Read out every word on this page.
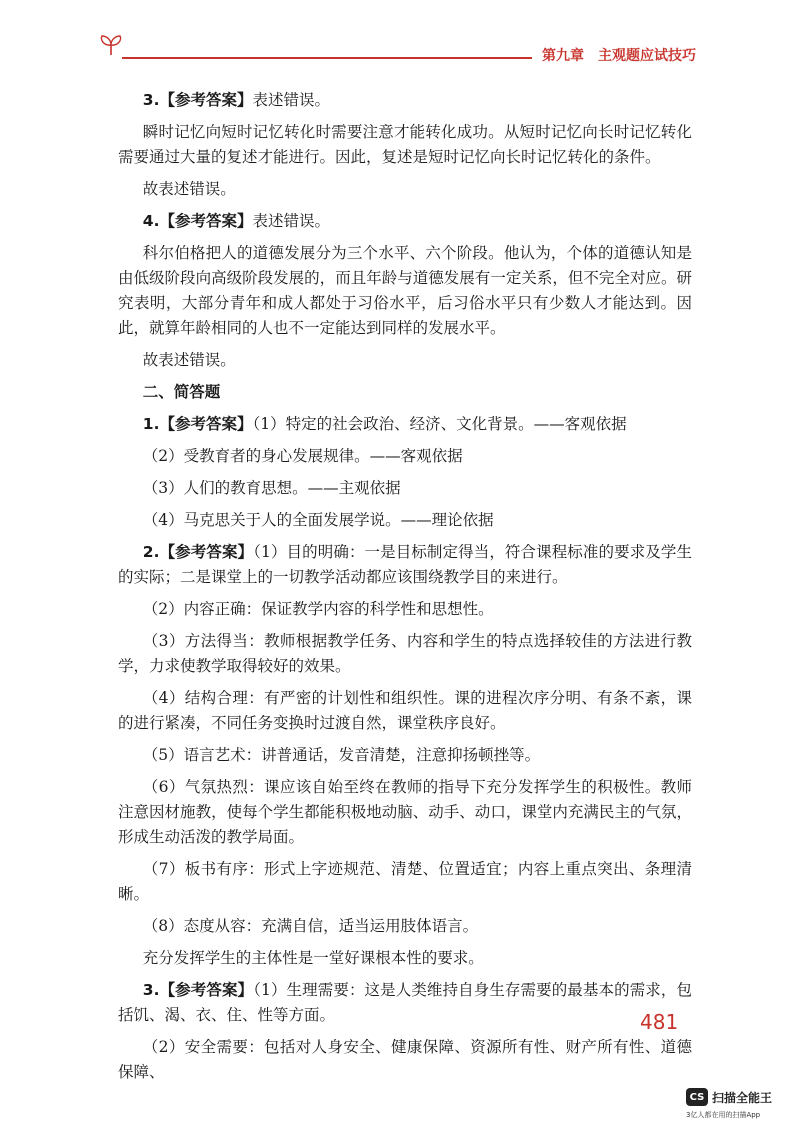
第九章　主观题应试技巧
3.【参考答案】表述错误。
瞬时记忆向短时记忆转化时需要注意才能转化成功。从短时记忆向长时记忆转化需要通过大量的复述才能进行。因此，复述是短时记忆向长时记忆转化的条件。
故表述错误。
4.【参考答案】表述错误。
科尔伯格把人的道德发展分为三个水平、六个阶段。他认为，个体的道德认知是由低级阶段向高级阶段发展的，而且年龄与道德发展有一定关系，但不完全对应。研究表明，大部分青年和成人都处于习俗水平，后习俗水平只有少数人才能达到。因此，就算年龄相同的人也不一定能达到同样的发展水平。
故表述错误。
二、简答题
1.【参考答案】（1）特定的社会政治、经济、文化背景。——客观依据
（2）受教育者的身心发展规律。——客观依据
（3）人们的教育思想。——主观依据
（4）马克思关于人的全面发展学说。——理论依据
2.【参考答案】（1）目的明确：一是目标制定得当，符合课程标准的要求及学生的实际；二是课堂上的一切教学活动都应该围绕教学目的来进行。
（2）内容正确：保证教学内容的科学性和思想性。
（3）方法得当：教师根据教学任务、内容和学生的特点选择较佳的方法进行教学，力求使教学取得较好的效果。
（4）结构合理：有严密的计划性和组织性。课的进程次序分明、有条不紊，课的进行紧凑，不同任务变换时过渡自然，课堂秩序良好。
（5）语言艺术：讲普通话，发音清楚，注意抑扬顿挫等。
（6）气氛热烈：课应该自始至终在教师的指导下充分发挥学生的积极性。教师注意因材施教，使每个学生都能积极地动脑、动手、动口，课堂内充满民主的气氛，形成生动活泼的教学局面。
（7）板书有序：形式上字迹规范、清楚、位置适宜；内容上重点突出、条理清晰。
（8）态度从容：充满自信，适当运用肢体语言。
充分发挥学生的主体性是一堂好课根本性的要求。
3.【参考答案】（1）生理需要：这是人类维持自身生存需要的最基本的需求，包括饥、渴、衣、住、性等方面。
（2）安全需要：包括对人身安全、健康保障、资源所有性、财产所有性、道德保障、
481
CS 扫描全能王
3亿人都在用的扫描App
